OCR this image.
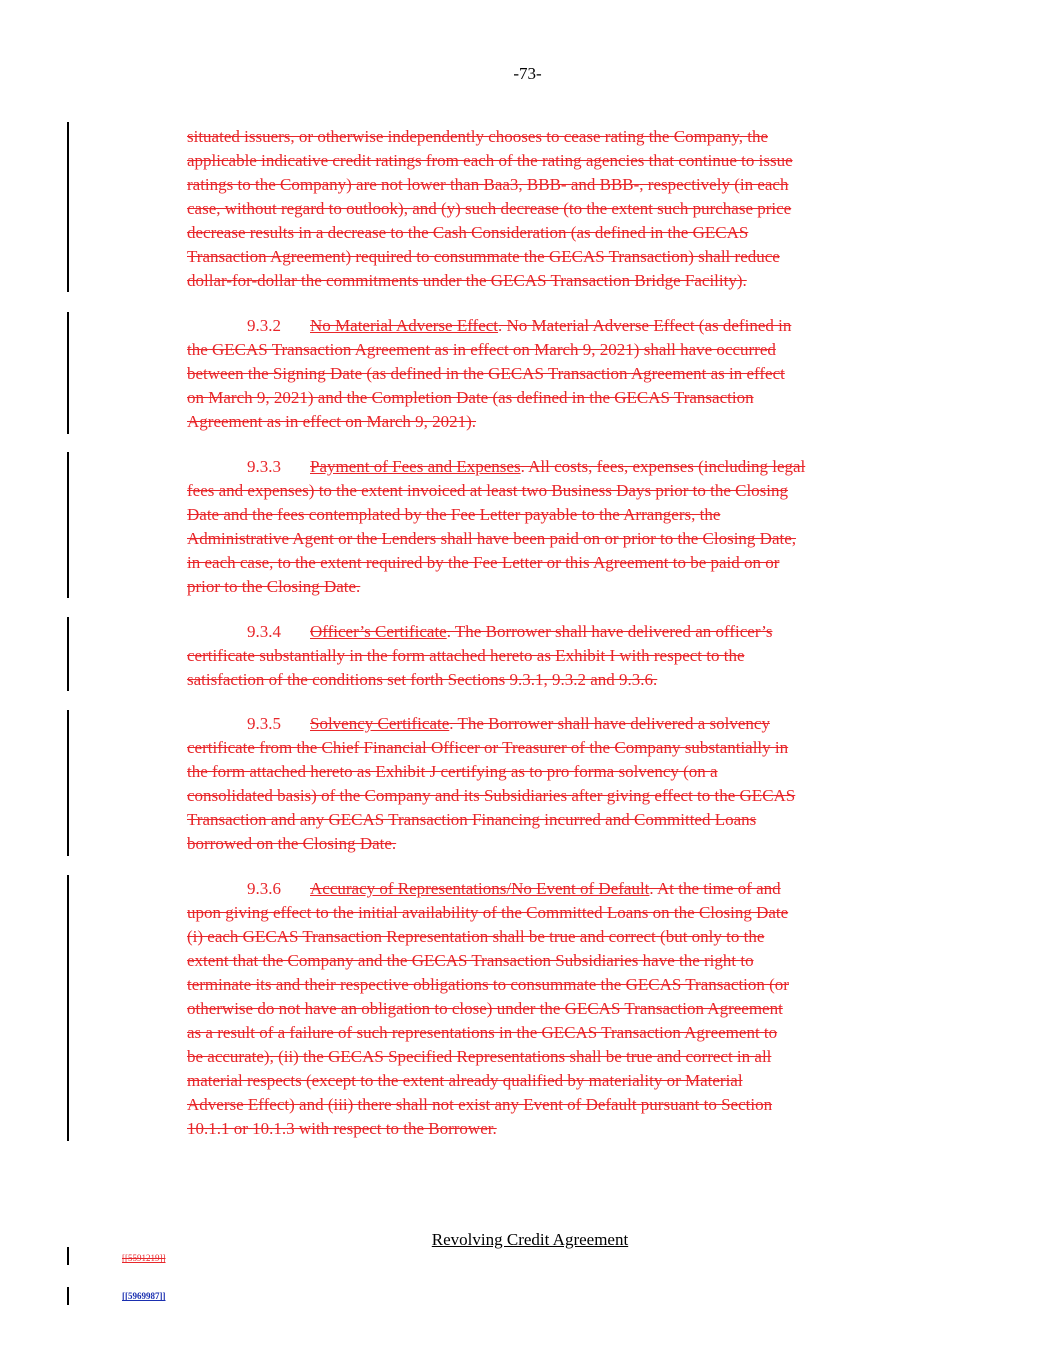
-73-
situated issuers, or otherwise independently chooses to cease rating the Company, the
applicable indicative credit ratings from each of the rating agencies that continue to issue
ratings to the Company) are not lower than Baa3, BBB- and BBB-, respectively (in each
case, without regard to outlook), and (y) such decrease (to the extent such purchase price
decrease results in a decrease to the Cash Consideration (as defined in the GECAS
Transaction Agreement) required to consummate the GECAS Transaction) shall reduce
dollar-for-dollar the commitments under the GECAS Transaction Bridge Facility).
9.3.2 No Material Adverse Effect. No Material Adverse Effect (as defined in
the GECAS Transaction Agreement as in effect on March 9, 2021) shall have occurred
between the Signing Date (as defined in the GECAS Transaction Agreement as in effect
on March 9, 2021) and the Completion Date (as defined in the GECAS Transaction
Agreement as in effect on March 9, 2021).
9.3.3 Payment of Fees and Expenses. All costs, fees, expenses (including legal
fees and expenses) to the extent invoiced at least two Business Days prior to the Closing
Date and the fees contemplated by the Fee Letter payable to the Arrangers, the
Administrative Agent or the Lenders shall have been paid on or prior to the Closing Date,
in each case, to the extent required by the Fee Letter or this Agreement to be paid on or
prior to the Closing Date.
9.3.4 Officer’s Certificate. The Borrower shall have delivered an officer’s
certificate substantially in the form attached hereto as Exhibit I with respect to the
satisfaction of the conditions set forth Sections 9.3.1, 9.3.2 and 9.3.6.
9.3.5 Solvency Certificate. The Borrower shall have delivered a solvency
certificate from the Chief Financial Officer or Treasurer of the Company substantially in
the form attached hereto as Exhibit J certifying as to pro forma solvency (on a
consolidated basis) of the Company and its Subsidiaries after giving effect to the GECAS
Transaction and any GECAS Transaction Financing incurred and Committed Loans
borrowed on the Closing Date.
9.3.6 Accuracy of Representations/No Event of Default. At the time of and
upon giving effect to the initial availability of the Committed Loans on the Closing Date
(i) each GECAS Transaction Representation shall be true and correct (but only to the
extent that the Company and the GECAS Transaction Subsidiaries have the right to
terminate its and their respective obligations to consummate the GECAS Transaction (or
otherwise do not have an obligation to close) under the GECAS Transaction Agreement
as a result of a failure of such representations in the GECAS Transaction Agreement to
be accurate), (ii) the GECAS Specified Representations shall be true and correct in all
material respects (except to the extent already qualified by materiality or Material
Adverse Effect) and (iii) there shall not exist any Event of Default pursuant to Section
10.1.1 or 10.1.3 with respect to the Borrower.
Revolving Credit Agreement
[[5591219]]
[[5969987]]
